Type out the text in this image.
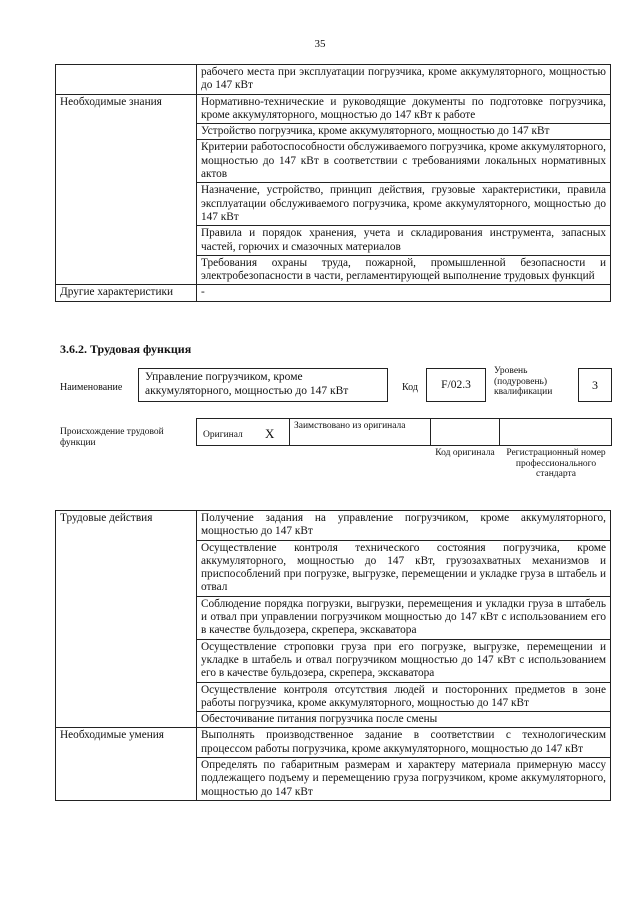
35
	рабочего места при эксплуатации погрузчика, кроме аккумуляторного, мощностью до 147 кВт
Необходимые знания	Нормативно-технические и руководящие документы по подготовке погрузчика, кроме аккумуляторного, мощностью до 147 кВт к работе
	Устройство погрузчика, кроме аккумуляторного, мощностью до 147 кВт
	Критерии работоспособности обслуживаемого погрузчика, кроме аккумуляторного, мощностью до 147 кВт в соответствии с требованиями локальных нормативных актов
	Назначение, устройство, принцип действия, грузовые характеристики, правила эксплуатации обслуживаемого погрузчика, кроме аккумуляторного, мощностью до 147 кВт
	Правила и порядок хранения, учета и складирования инструмента, запасных частей, горючих и смазочных материалов
	Требования охраны труда, пожарной, промышленной безопасности и электробезопасности в части, регламентирующей выполнение трудовых функций
Другие характеристики	-
3.6.2. Трудовая функция
Наименование
Управление погрузчиком, кроме аккумуляторного, мощностью до 147 кВт	Код	F/02.3
Уровень (подуровень) квалификации	3
Происхождение трудовой функции
Оригинал X	Заимствовано из оригинала
Код оригинала	Регистрационный номер профессионального стандарта
Трудовые действия	Получение задания на управление погрузчиком, кроме аккумуляторного, мощностью до 147 кВт
	Осуществление контроля технического состояния погрузчика, кроме аккумуляторного, мощностью до 147 кВт, грузозахватных механизмов и приспособлений при погрузке, выгрузке, перемещении и укладке груза в штабель и отвал
	Соблюдение порядка погрузки, выгрузки, перемещения и укладки груза в штабель и отвал при управлении погрузчиком мощностью до 147 кВт с использованием его в качестве бульдозера, скрепера, экскаватора
	Осуществление строповки груза при его погрузке, выгрузке, перемещении и укладке в штабель и отвал погрузчиком мощностью до 147 кВт с использованием его в качестве бульдозера, скрепера, экскаватора
	Осуществление контроля отсутствия людей и посторонних предметов в зоне работы погрузчика, кроме аккумуляторного, мощностью до 147 кВт
	Обесточивание питания погрузчика после смены
Необходимые умения	Выполнять производственное задание в соответствии с технологическим процессом работы погрузчика, кроме аккумуляторного, мощностью до 147 кВт
	Определять по габаритным размерам и характеру материала примерную массу подлежащего подъему и перемещению груза погрузчиком, кроме аккумуляторного, мощностью до 147 кВт
